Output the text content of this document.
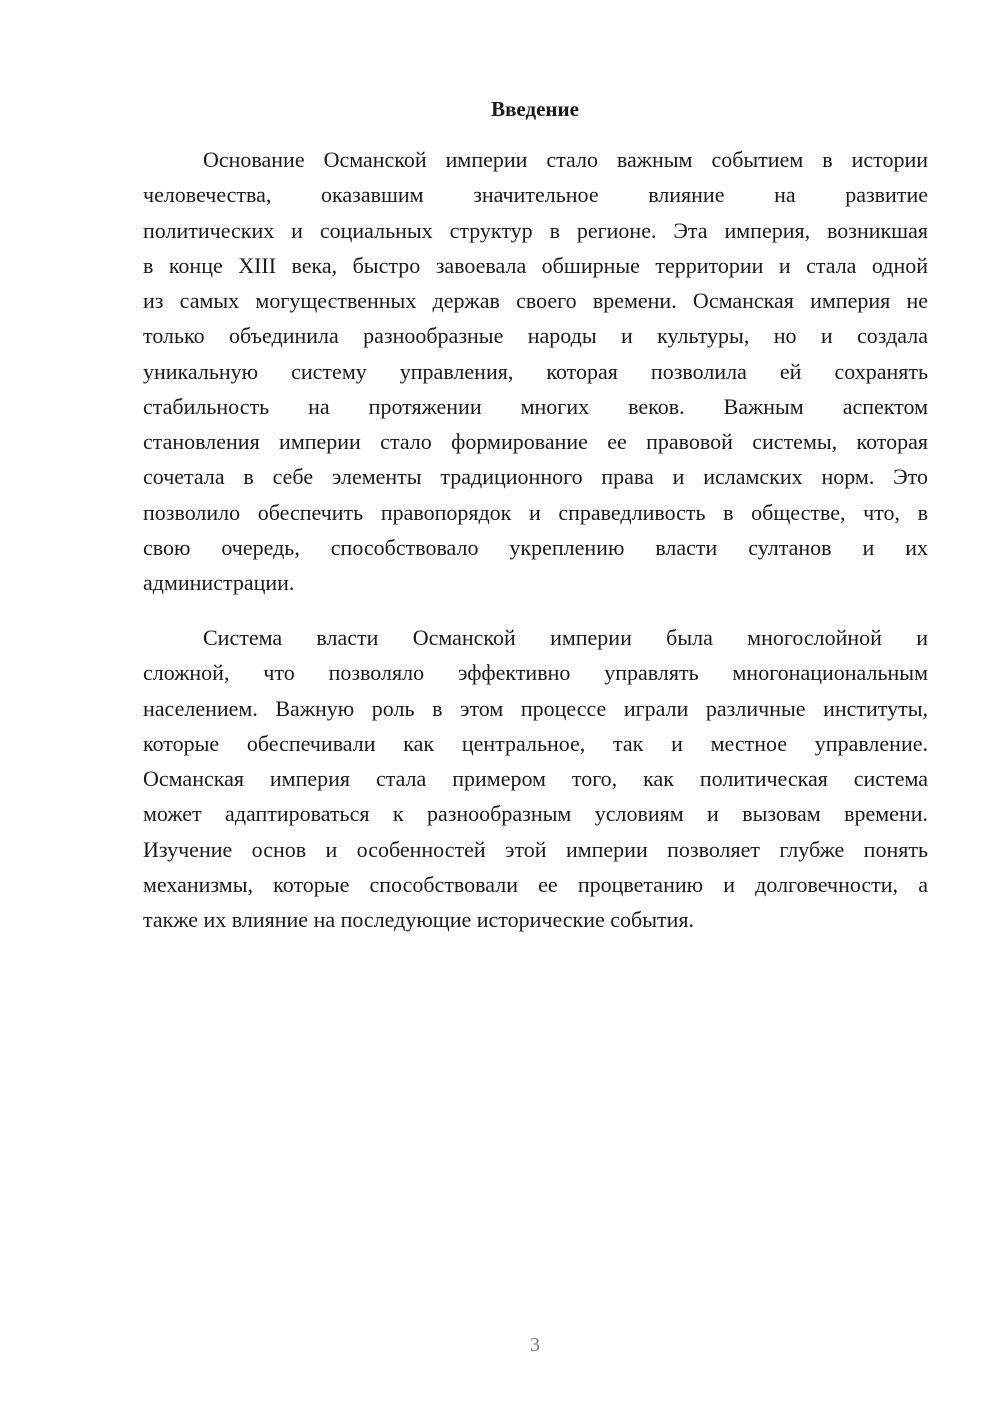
Введение
Основание Османской империи стало важным событием в истории
человечества, оказавшим значительное влияние на развитие
политических и социальных структур в регионе. Эта империя, возникшая
в конце XIII века, быстро завоевала обширные территории и стала одной
из самых могущественных держав своего времени. Османская империя не
только объединила разнообразные народы и культуры, но и создала
уникальную систему управления, которая позволила ей сохранять
стабильность на протяжении многих веков. Важным аспектом
становления империи стало формирование ее правовой системы, которая
сочетала в себе элементы традиционного права и исламских норм. Это
позволило обеспечить правопорядок и справедливость в обществе, что, в
свою очередь, способствовало укреплению власти султанов и их
администрации.
Система власти Османской империи была многослойной и
сложной, что позволяло эффективно управлять многонациональным
населением. Важную роль в этом процессе играли различные институты,
которые обеспечивали как центральное, так и местное управление.
Османская империя стала примером того, как политическая система
может адаптироваться к разнообразным условиям и вызовам времени.
Изучение основ и особенностей этой империи позволяет глубже понять
механизмы, которые способствовали ее процветанию и долговечности, а
также их влияние на последующие исторические события.
3
